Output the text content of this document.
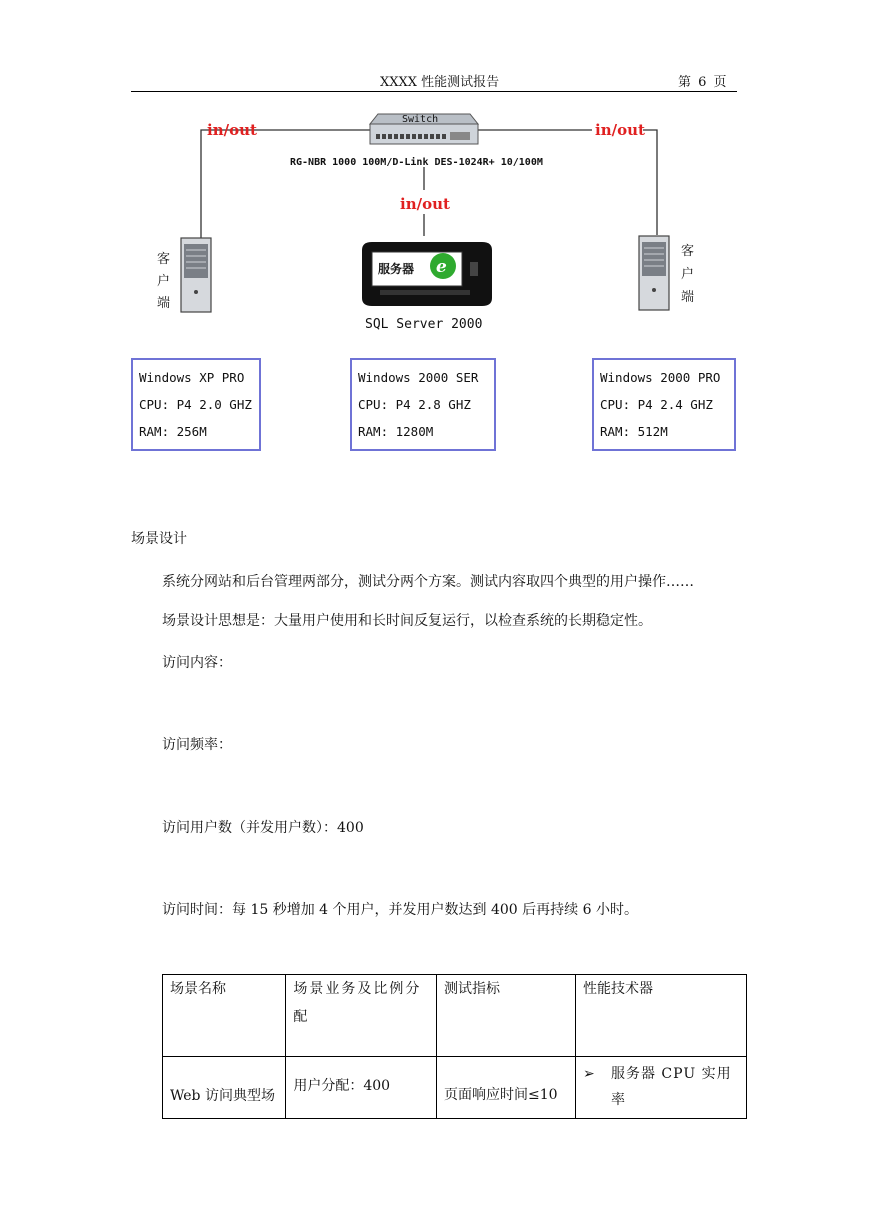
XXXX 性能测试报告	第 6 页
in/out	in/out
in/out
Switch
RG-NBR 1000 100M/D-Link DES-1024R+ 10/100M
客
户
端
客
户
端
e
服务器
SQL Server 2000
Windows XP PRO
CPU: P4 2.0 GHZ
RAM: 256M
Windows 2000 SER
CPU: P4 2.8 GHZ
RAM: 1280M
Windows 2000 PRO
CPU: P4 2.4 GHZ
RAM: 512M
场景设计
系统分网站和后台管理两部分，测试分两个方案。测试内容取四个典型的用户操作……
场景设计思想是：大量用户使用和长时间反复运行，以检查系统的长期稳定性。
访问内容：
访问频率：
访问用户数（并发用户数）：400
访问时间：每 15 秒增加 4 个用户，并发用户数达到 400 后再持续 6 小时。
场景名称	场景业务及比例分配	测试指标	性能技术器
Web 访问典型场	用户分配：400	页面响应时间≤10	➢ 服务器 CPU 实用率
